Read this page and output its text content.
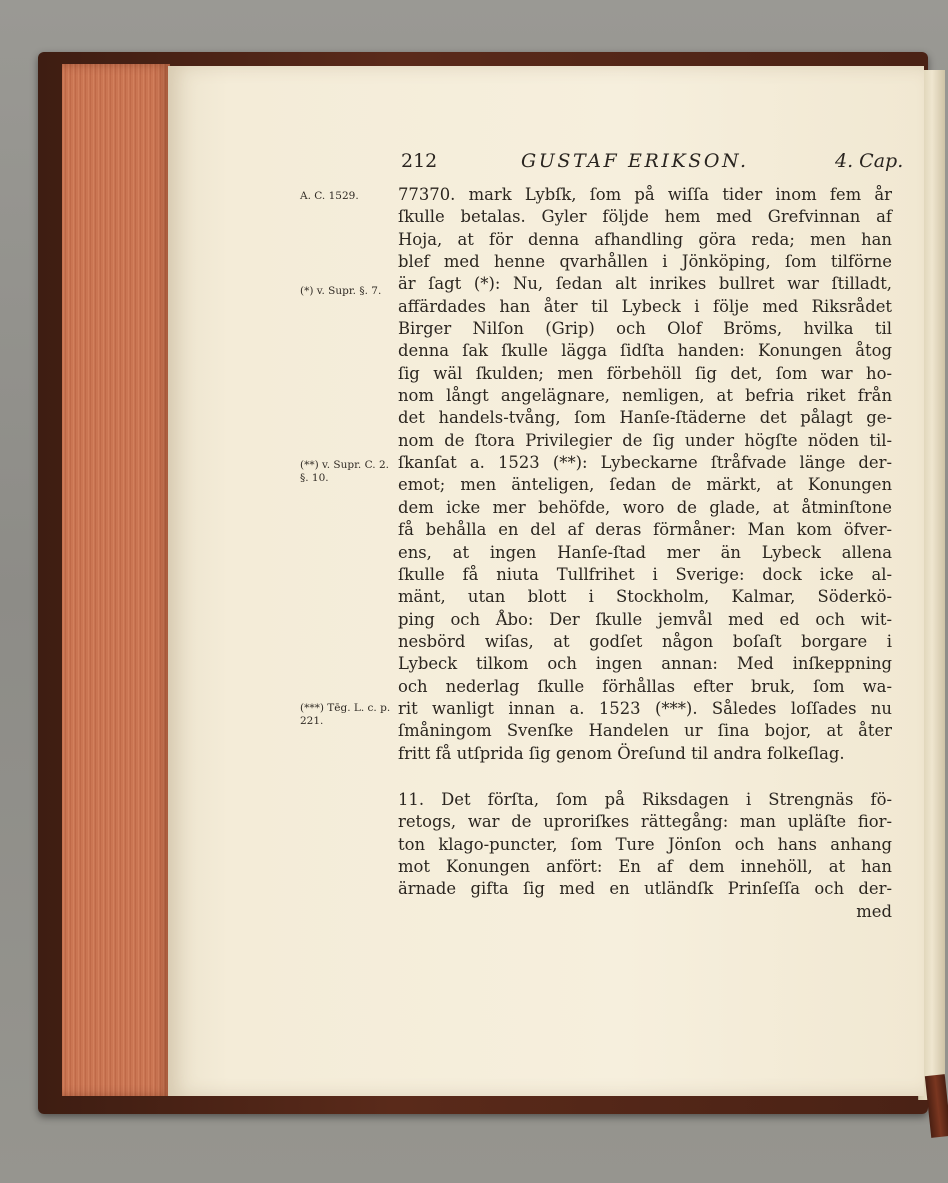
212	GUSTAF ERIKSON.	4. Cap.
A. C. 1529.
(*) v. Supr. §. 7.
(**) v. Supr. C. 2. §. 10.
(***) Tēg. L. c. p. 221.
77370. mark Lybſk, ſom på wiſſa tider inom fem år
ſkulle betalas. Gyler följde hem med Grefvinnan af
Hoja, at för denna afhandling göra reda; men han
blef med henne qvarhållen i Jönköping, ſom tilförne
är ſagt (*): Nu, ſedan alt inrikes bullret war ſtilladt,
affärdades han åter til Lybeck i följe med Riksrådet
Birger Nilſon (Grip) och Olof Bröms, hvilka til
denna ſak ſkulle lägga ſidſta handen: Konungen åtog
ſig wäl ſkulden; men förbehöll ſig det, ſom war ho-
nom långt angelägnare, nemligen, at befria riket från
det handels-tvång, ſom Hanſe-ſtäderne det pålagt ge-
nom de ſtora Privilegier de ſig under högſte nöden til-
ſkanſat a. 1523 (**): Lybeckarne ſtråfvade länge der-
emot; men änteligen, ſedan de märkt, at Konungen
dem icke mer behöfde, woro de glade, at åtminſtone
få behålla en del af deras förmåner: Man kom öfver-
ens, at ingen Hanſe-ſtad mer än Lybeck allena
ſkulle få niuta Tullfrihet i Sverige: dock icke al-
mänt, utan blott i Stockholm, Kalmar, Söderkö-
ping och Åbo: Der ſkulle jemvål med ed och wit-
nesbörd wiſas, at godſet någon boſaſt borgare i
Lybeck tilkom och ingen annan: Med inſkeppning
och nederlag ſkulle förhållas efter bruk, ſom wa-
rit wanligt innan a. 1523 (***). Således loſſades nu
ſmåningom Svenſke Handelen ur ſina bojor, at åter
fritt få utſprida ſig genom Öreſund til andra folkeſlag.
11. Det förſta, ſom på Riksdagen i Strengnäs fö-
retogs, war de uproriſkes rättegång: man upläſte fior-
ton klago-puncter, ſom Ture Jönſon och hans anhang
mot Konungen anfört: En af dem innehöll, at han
ärnade gifta ſig med en utländſk Prinſeſſa och der-
med
